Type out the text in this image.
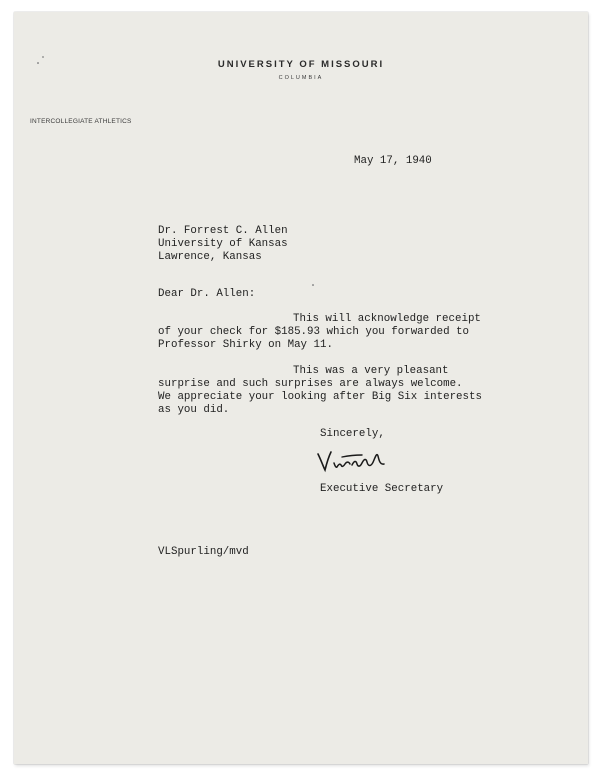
UNIVERSITY OF MISSOURI
COLUMBIA
INTERCOLLEGIATE ATHLETICS
May 17, 1940
Dr. Forrest C. Allen
University of Kansas
Lawrence, Kansas
Dear Dr. Allen:
This will acknowledge receipt
of your check for $185.93 which you forwarded to
Professor Shirky on May 11.
This was a very pleasant
surprise and such surprises are always welcome.
We appreciate your looking after Big Six interests
as you did.
Sincerely,
Executive Secretary
VLSpurling/mvd
